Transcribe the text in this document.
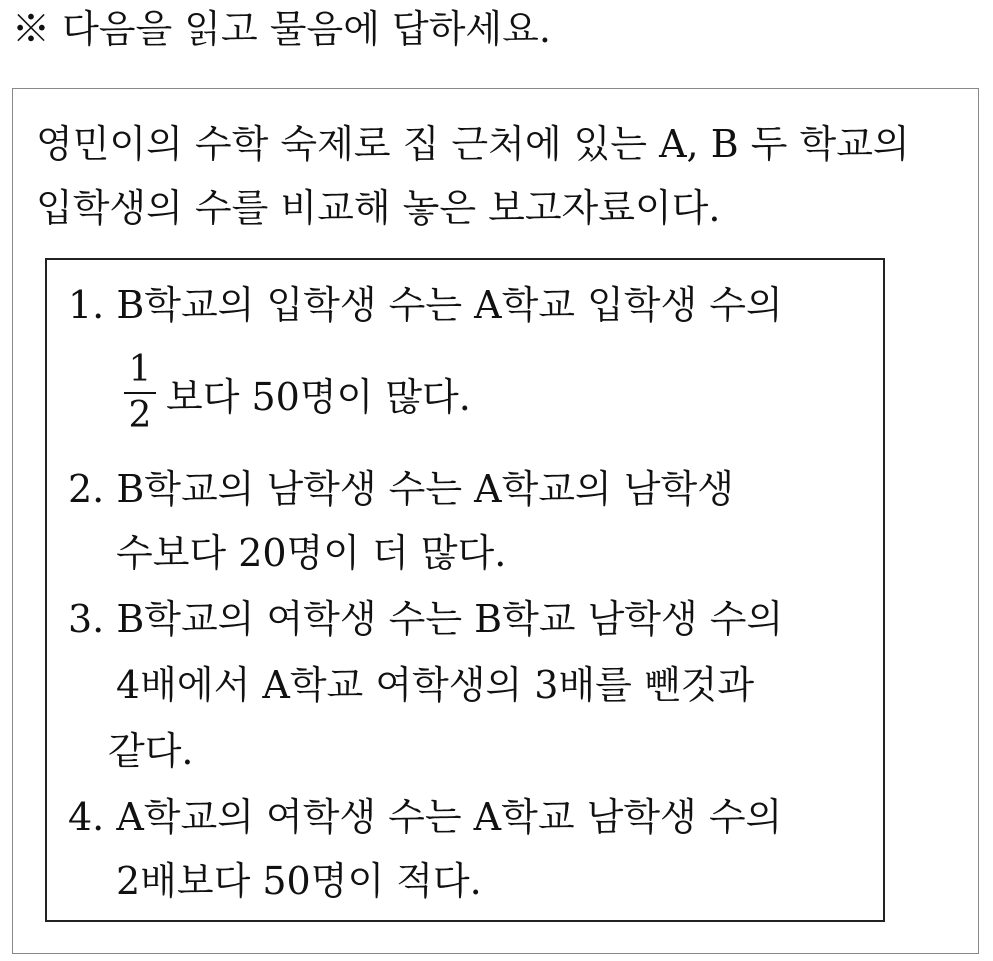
※ 다음을 읽고 물음에 답하세요.
영민이의 수학 숙제로 집 근처에 있는 A, B 두 학교의
입학생의 수를 비교해 놓은 보고자료이다.
1. B학교의 입학생 수는 A학교 입학생 수의
1
2 보다 50명이 많다.
2. B학교의 남학생 수는 A학교의 남학생
수보다 20명이 더 많다.
3. B학교의 여학생 수는 B학교 남학생 수의
4배에서 A학교 여학생의 3배를 뺀것과
같다.
4. A학교의 여학생 수는 A학교 남학생 수의
2배보다 50명이 적다.
